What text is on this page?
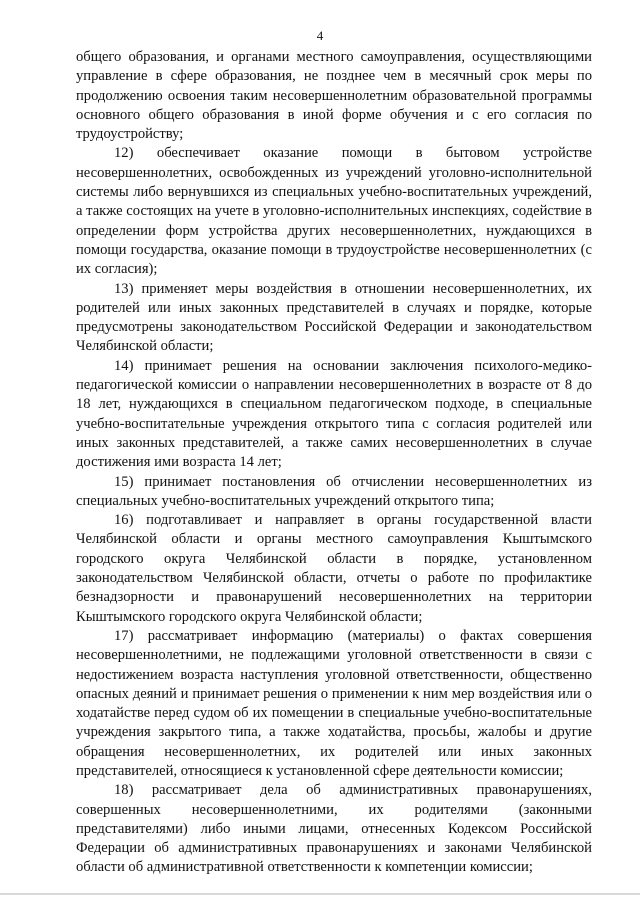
4

общего образования, и органами местного самоуправления, осуществляющими управление в сфере образования, не позднее чем в месячный срок меры по продолжению освоения таким несовершеннолетним образовательной программы основного общего образования в иной форме обучения и с его согласия по трудоустройству;

12) обеспечивает оказание помощи в бытовом устройстве несовершеннолетних, освобожденных из учреждений уголовно-исполнительной системы либо вернувшихся из специальных учебно-воспитательных учреждений, а также состоящих на учете в уголовно-исполнительных инспекциях, содействие в определении форм устройства других несовершеннолетних, нуждающихся в помощи государства, оказание помощи в трудоустройстве несовершеннолетних (с их согласия);

13) применяет меры воздействия в отношении несовершеннолетних, их родителей или иных законных представителей в случаях и порядке, которые предусмотрены законодательством Российской Федерации и законодательством Челябинской области;

14) принимает решения на основании заключения психолого-медико-педагогической комиссии о направлении несовершеннолетних в возрасте от 8 до 18 лет, нуждающихся в специальном педагогическом подходе, в специальные учебно-воспитательные учреждения открытого типа с согласия родителей или иных законных представителей, а также самих несовершеннолетних в случае достижения ими возраста 14 лет;

15) принимает постановления об отчислении несовершеннолетних из специальных учебно-воспитательных учреждений открытого типа;

16) подготавливает и направляет в органы государственной власти Челябинской области и органы местного самоуправления Кыштымского городского округа Челябинской области в порядке, установленном законодательством Челябинской области, отчеты о работе по профилактике безнадзорности и правонарушений несовершеннолетних на территории Кыштымского городского округа Челябинской области;

17) рассматривает информацию (материалы) о фактах совершения несовершеннолетними, не подлежащими уголовной ответственности в связи с недостижением возраста наступления уголовной ответственности, общественно опасных деяний и принимает решения о применении к ним мер воздействия или о ходатайстве перед судом об их помещении в специальные учебно-воспитательные учреждения закрытого типа, а также ходатайства, просьбы, жалобы и другие обращения несовершеннолетних, их родителей или иных законных представителей, относящиеся к установленной сфере деятельности комиссии;

18) рассматривает дела об административных правонарушениях, совершенных несовершеннолетними, их родителями (законными представителями) либо иными лицами, отнесенных Кодексом Российской Федерации об административных правонарушениях и законами Челябинской области об административной ответственности к компетенции комиссии;
